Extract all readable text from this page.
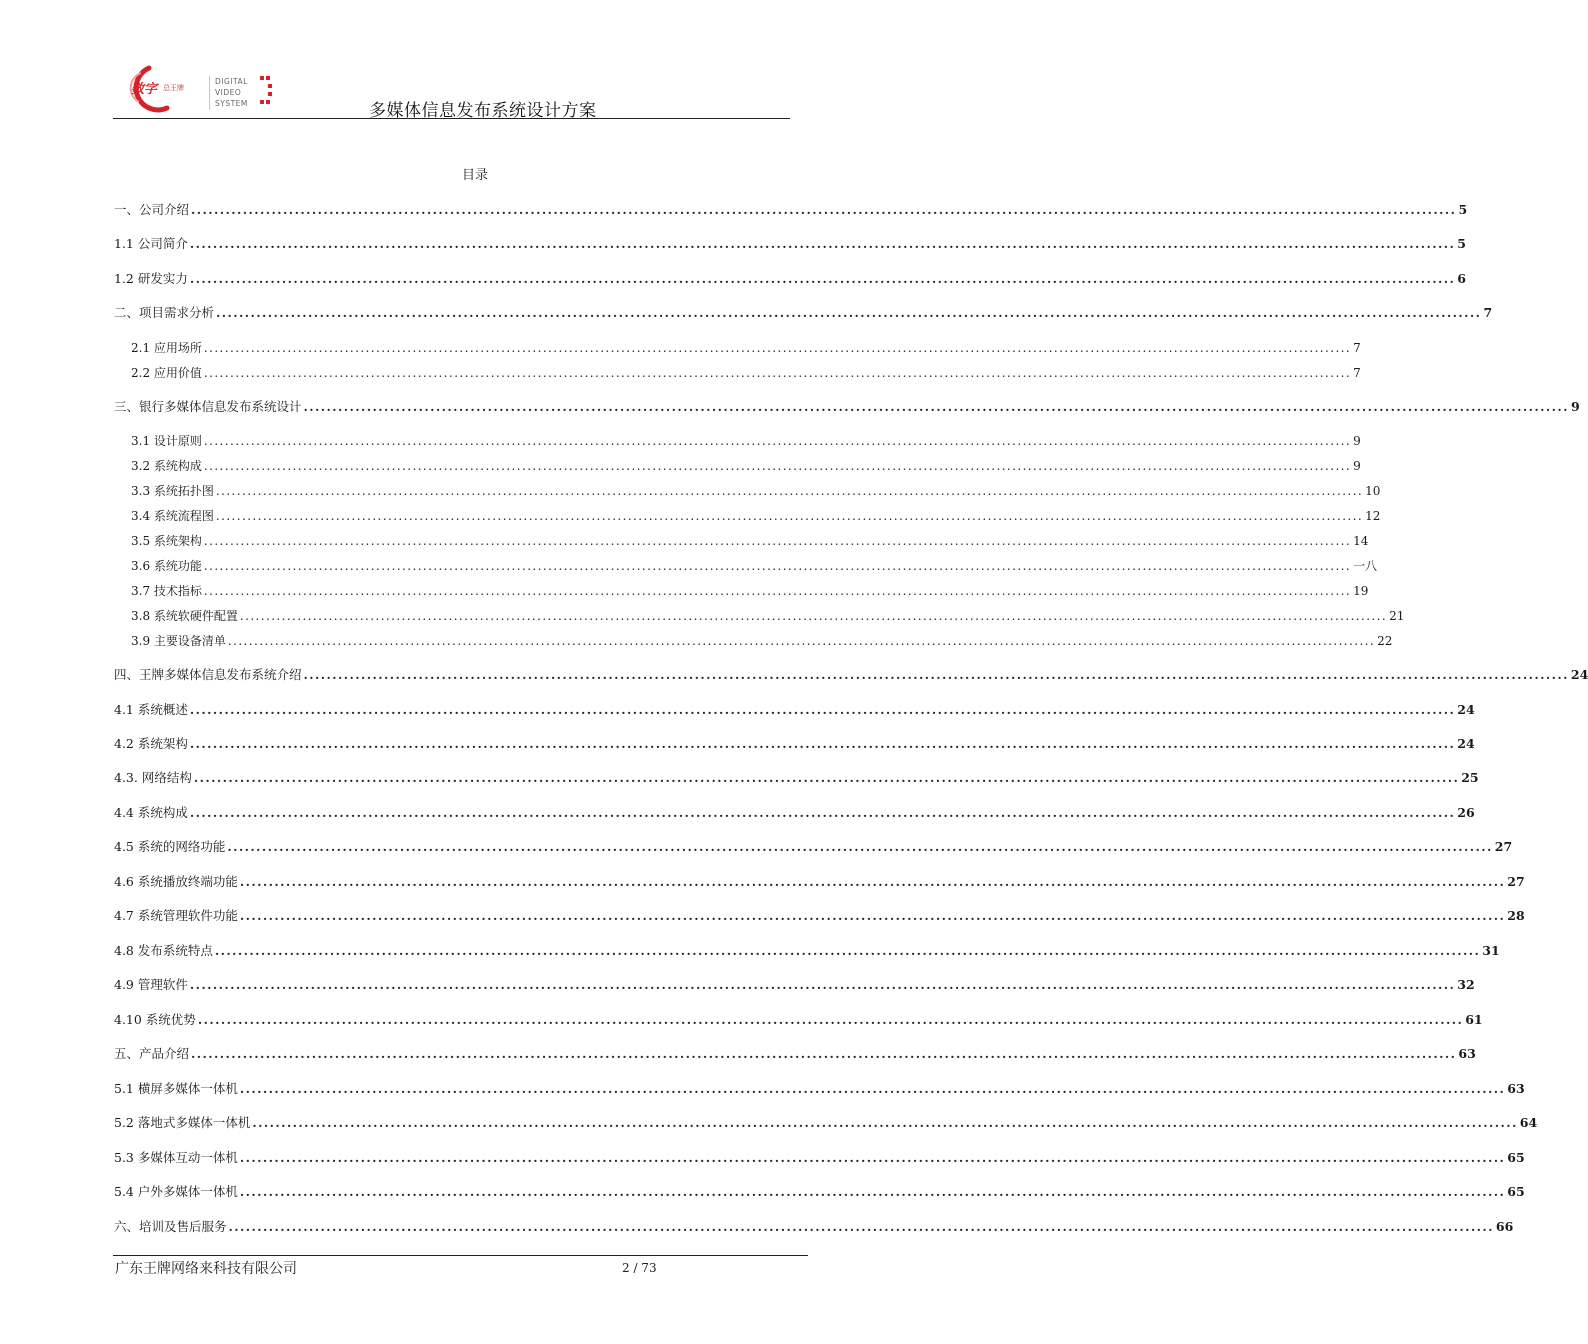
数字 总王牌
DIGITAL
VIDEO
SYSTEM	多媒体信息发布系统设计方案
目录
一、 公司介绍 ............................................................................................................................................................................................................................ 5
1.1 公司简介 ............................................................................................................................................................................................................................ 5
1.2 研发实力 ............................................................................................................................................................................................................................ 6
二、 项目需求分析 ............................................................................................................................................................................................................................ 7
2.1 应用场所 ............................................................................................................................................................................................................................ 7
2.2 应用价值 ............................................................................................................................................................................................................................ 7
三、 银行多媒体信息发布系统设计 ............................................................................................................................................................................................................................ 9
3.1 设计原则 ............................................................................................................................................................................................................................ 9
3.2 系统构成 ............................................................................................................................................................................................................................ 9
3.3 系统拓扑图 ............................................................................................................................................................................................................................ 10
3.4 系统流程图 ............................................................................................................................................................................................................................ 12
3.5 系统架构 ............................................................................................................................................................................................................................ 14
3.6 系统功能 ............................................................................................................................................................................................................................ 一八
3.7 技术指标 ............................................................................................................................................................................................................................ 19
3.8 系统软硬件配置 ............................................................................................................................................................................................................................ 21
3.9 主要设备清单 ............................................................................................................................................................................................................................ 22
四、王牌多媒体信息发布系统介绍 ............................................................................................................................................................................................................................ 24
4.1 系统概述 ............................................................................................................................................................................................................................ 24
4.2 系统架构 ............................................................................................................................................................................................................................ 24
4.3. 网络结构 ............................................................................................................................................................................................................................ 25
4.4 系统构成 ............................................................................................................................................................................................................................ 26
4.5 系统的网络功能 ............................................................................................................................................................................................................................ 27
4.6 系统播放终端功能 ............................................................................................................................................................................................................................ 27
4.7 系统管理软件功能 ............................................................................................................................................................................................................................ 28
4.8 发布系统特点 ............................................................................................................................................................................................................................ 31
4.9 管理软件 ............................................................................................................................................................................................................................ 32
4.10 系统优势 ............................................................................................................................................................................................................................ 61
五、产品介绍 ............................................................................................................................................................................................................................ 63
5.1 横屏多媒体一体机 ............................................................................................................................................................................................................................ 63
5.2 落地式多媒体一体机 ............................................................................................................................................................................................................................ 64
5.3 多媒体互动一体机 ............................................................................................................................................................................................................................ 65
5.4 户外多媒体一体机 ............................................................................................................................................................................................................................ 65
六、培训及售后服务 ............................................................................................................................................................................................................................ 66
广东王牌网络来科技有限公司	2 / 73
